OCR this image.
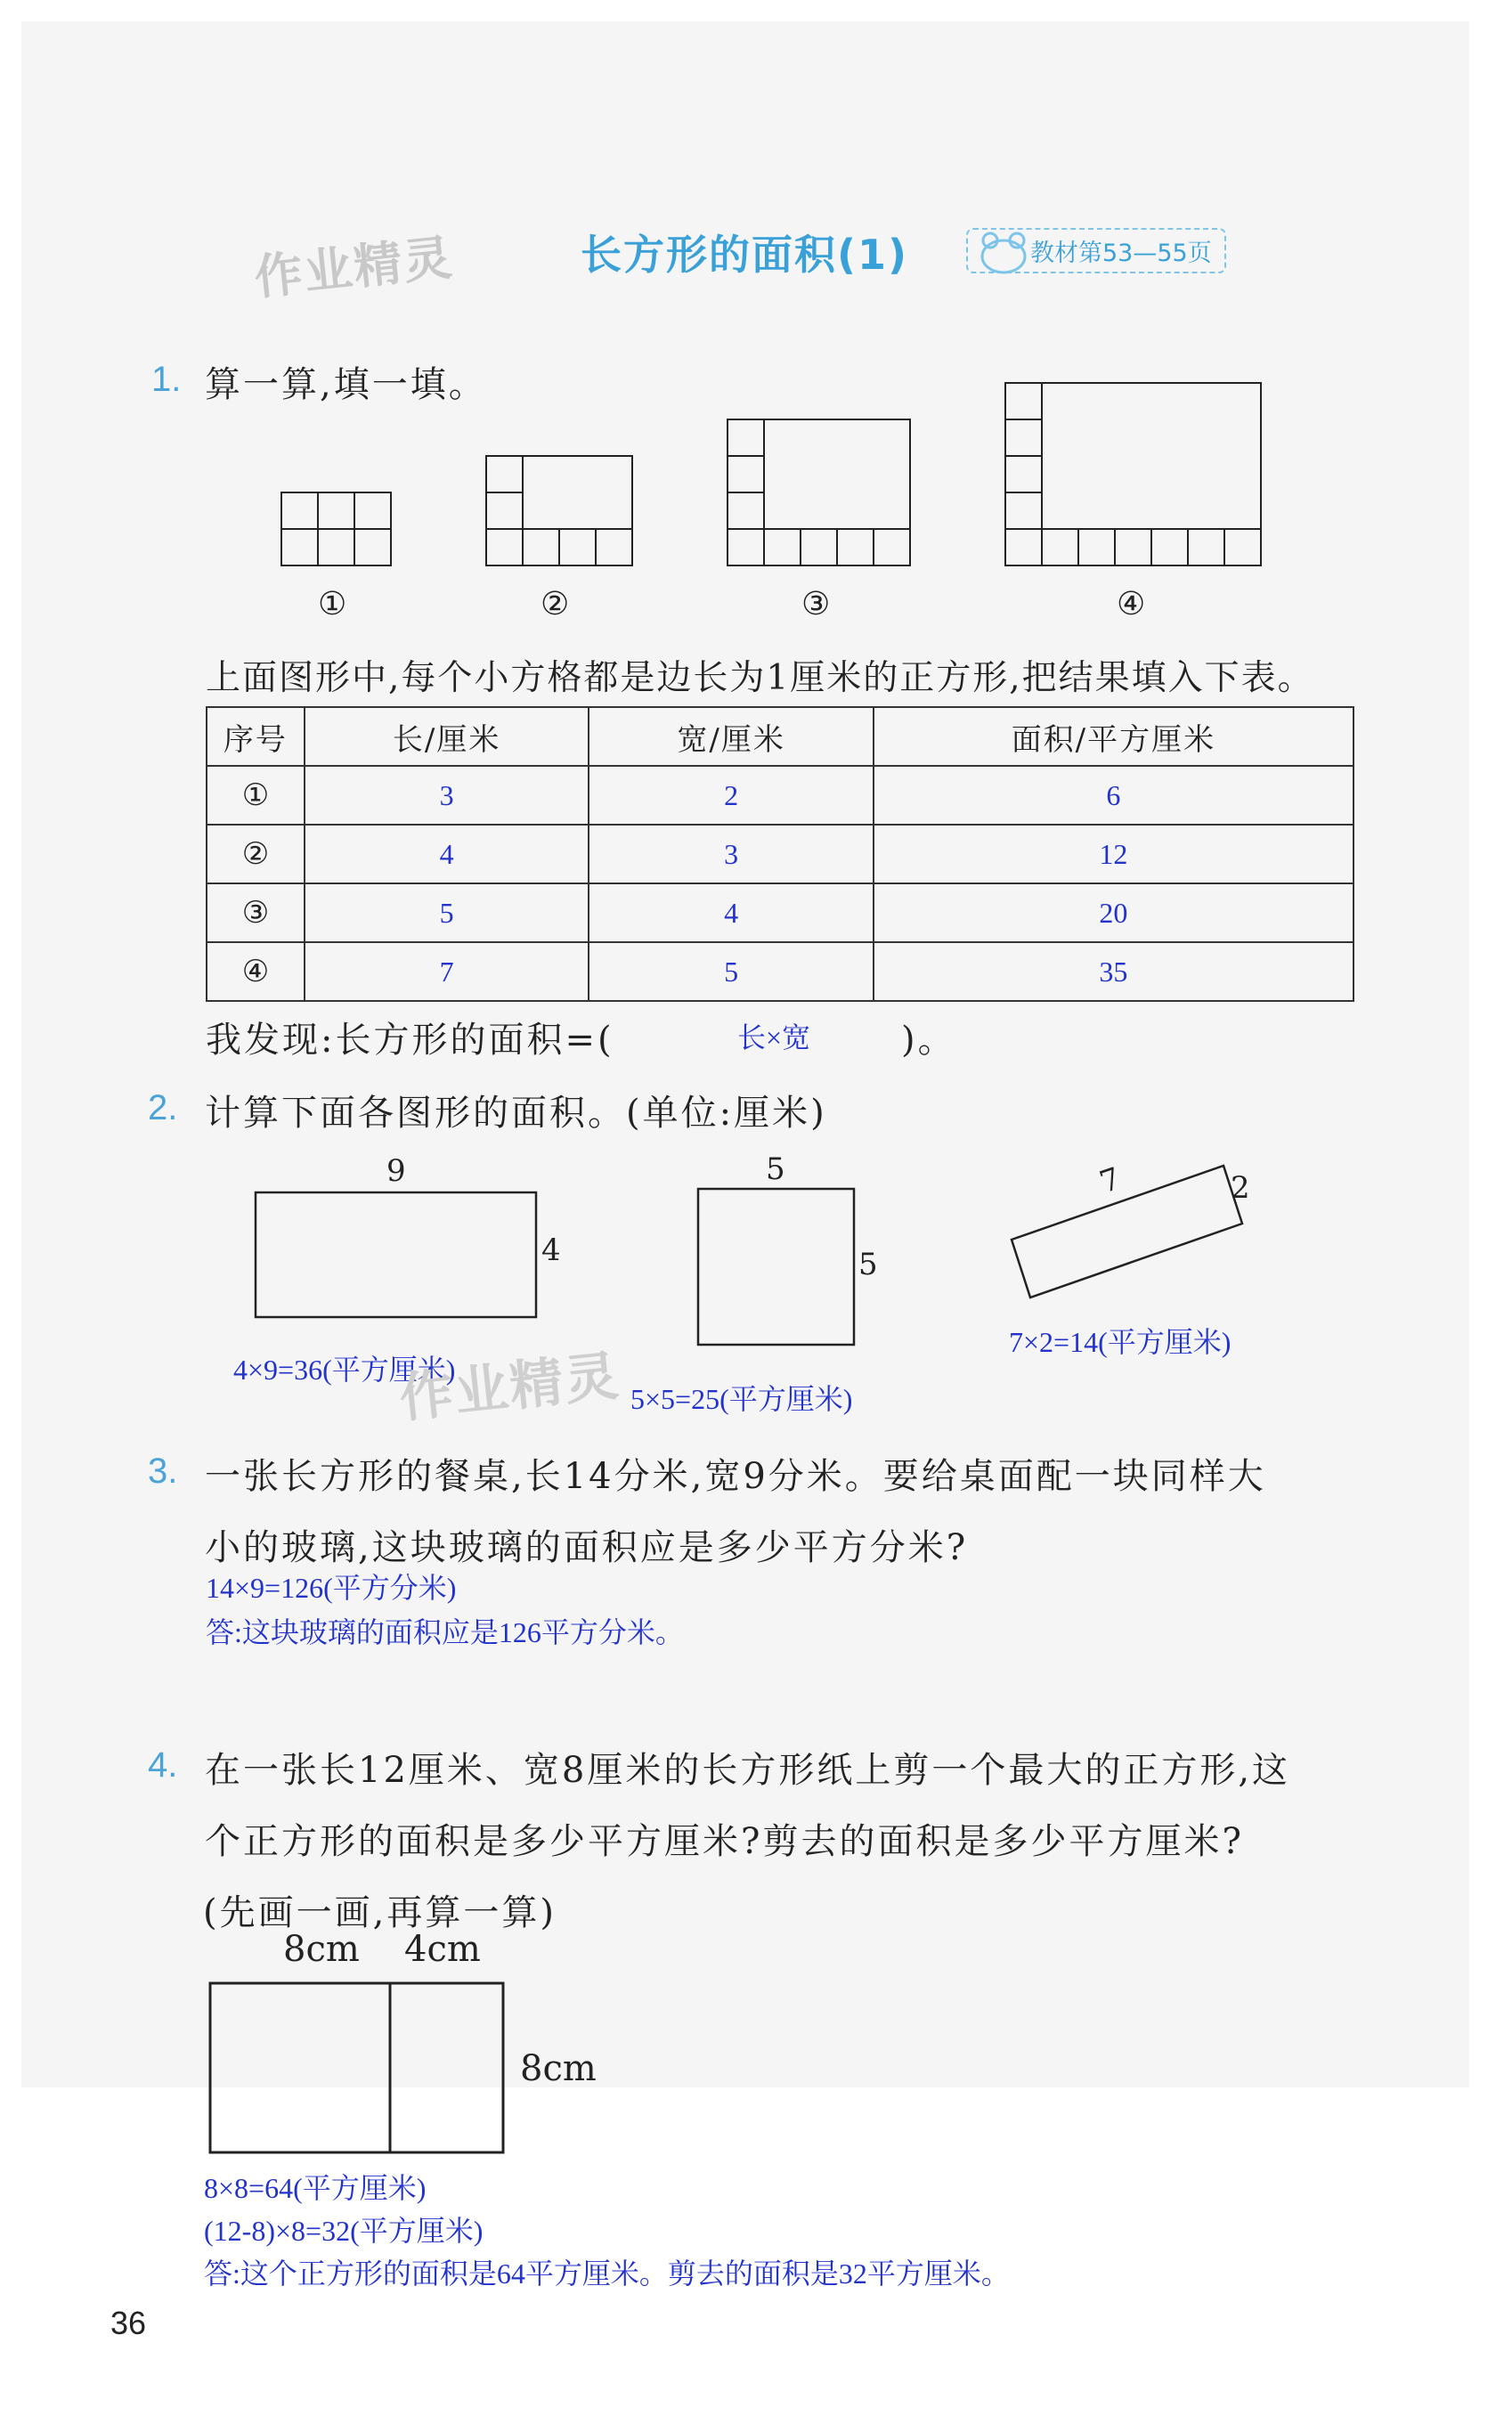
作业精灵	长方形的面积(1)	教材第53—55页
1. 算一算,填一填。
①	②	③	④
上面图形中,每个小方格都是边长为1厘米的正方形,把结果填入下表。
序号	长/厘米	宽/厘米	面积/平方厘米
①	3	2	6
②	4	3	12
③	5	4	20
④	7	5	35
我发现:长方形的面积=(	长×宽	)。
2. 计算下面各图形的面积。(单位:厘米)
9
4
4×9=36(平方厘米)
5
5
作业精灵 5×5=25(平方厘米)
7	2
7×2=14(平方厘米)
3. 一张长方形的餐桌,长14分米,宽9分米。要给桌面配一块同样大
小的玻璃,这块玻璃的面积应是多少平方分米?
14×9=126(平方分米)
答:这块玻璃的面积应是126平方分米。
4. 在一张长12厘米、宽8厘米的长方形纸上剪一个最大的正方形,这
个正方形的面积是多少平方厘米?剪去的面积是多少平方厘米?
(先画一画,再算一算)
8cm 4cm
8cm
8×8=64(平方厘米)
(12-8)×8=32(平方厘米)
答:这个正方形的面积是64平方厘米。剪去的面积是32平方厘米。
36
